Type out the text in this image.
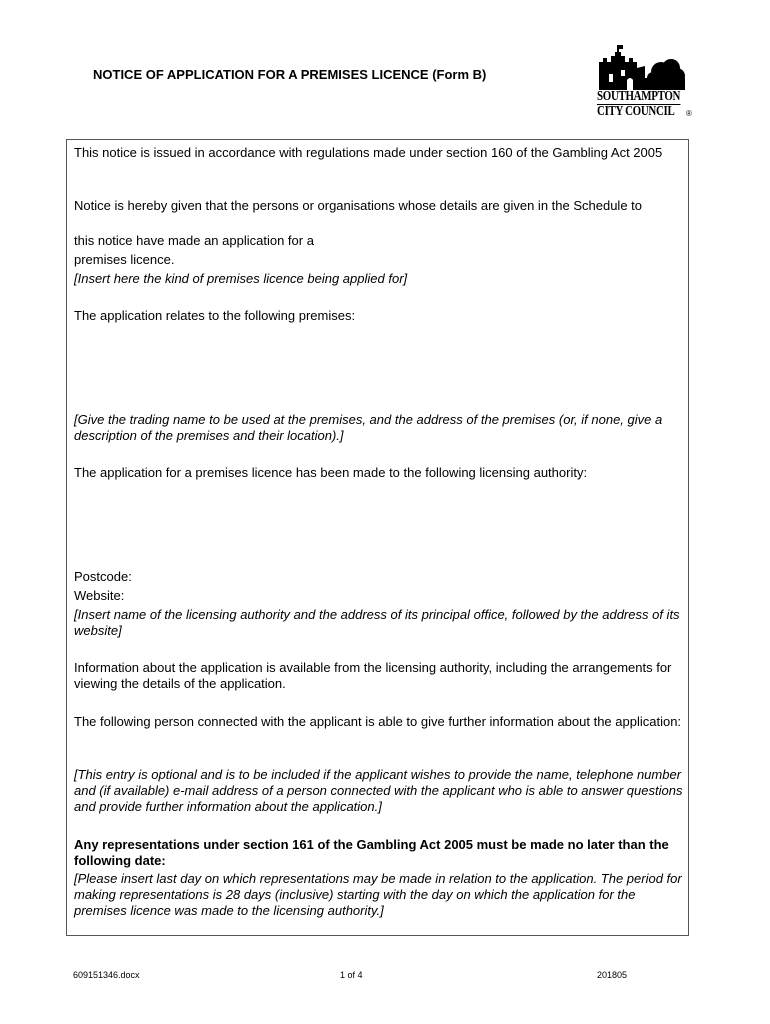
NOTICE OF APPLICATION FOR A PREMISES LICENCE (Form B)
SOUTHAMPTON
CITY COUNCIL ®
This notice is issued in accordance with regulations made under section 160 of the Gambling Act 2005
Notice is hereby given that the persons or organisations whose details are given in the Schedule to
this notice have made an application for a
premises licence.
[Insert here the kind of premises licence being applied for]
The application relates to the following premises:
[Give the trading name to be used at the premises, and the address of the premises (or, if none, give a description of the premises and their location).]
The application for a premises licence has been made to the following licensing authority:
Postcode:
Website:
[Insert name of the licensing authority and the address of its principal office, followed by the address of its website]
Information about the application is available from the licensing authority, including the arrangements for viewing the details of the application.
The following person connected with the applicant is able to give further information about the application:
[This entry is optional and is to be included if the applicant wishes to provide the name, telephone number and (if available) e-mail address of a person connected with the applicant who is able to answer questions and provide further information about the application.]
Any representations under section 161 of the Gambling Act 2005 must be made no later than the following date:
[Please insert last day on which representations may be made in relation to the application. The period for making representations is 28 days (inclusive) starting with the day on which the application for the premises licence was made to the licensing authority.]
609151346.docx	1 of 4	201805
